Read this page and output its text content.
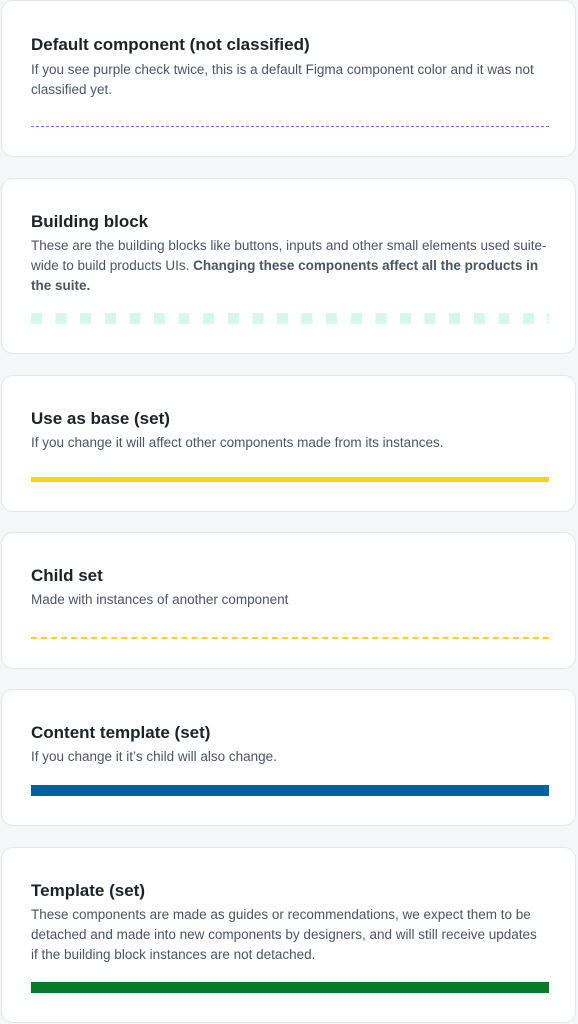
Default component (not classified)

If you see purple check twice, this is a default Figma component color and it was not classified yet.

Building block

These are the building blocks like buttons, inputs and other small elements used suite-wide to build products UIs. Changing these components affect all the products in the suite.

Use as base (set)

If you change it will affect other components made from its instances.

Child set

Made with instances of another component

Content template (set)

If you change it it’s child will also change.

Template (set)

These components are made as guides or recommendations, we expect them to be detached and made into new components by designers, and will still receive updates if the building block instances are not detached.
